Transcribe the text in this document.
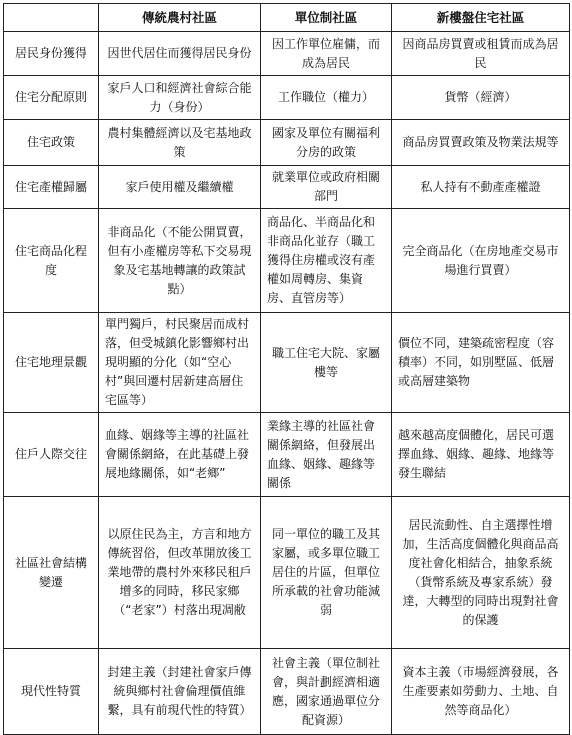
	傳統農村社區	單位制社區	新樓盤住宅社區
居民身份獲得	因世代居住而獲得居民身份	因工作單位雇傭，而成為居民	因商品房買賣或租賃而成為居民
住宅分配原則	家戶人口和經濟社會綜合能力（身份）	工作職位（權力）	貨幣（經濟）
住宅政策	農村集體經濟以及宅基地政策	國家及單位有關福利分房的政策	商品房買賣政策及物業法規等
住宅產權歸屬	家戶使用權及繼續權	就業單位或政府相關部門	私人持有不動產產權證
住宅商品化程度	非商品化（不能公開買賣，但有小產權房等私下交易現象及宅基地轉讓的政策試點）	商品化、半商品化和非商品化並存（職工獲得住房權或沒有產權如周轉房、集資房、直管房等）	完全商品化（在房地產交易市場進行買賣）
住宅地理景觀	單門獨戶，村民聚居而成村落，但受城鎮化影響鄉村出現明顯的分化（如“空心村”與回遷村居新建高層住宅區等）	職工住宅大院、家屬樓等	價位不同，建築疏密程度（容積率）不同，如別墅區、低層或高層建築物
住戶人際交往	血緣、姻緣等主導的社區社會關係網絡，在此基礎上發展地緣關係，如“老鄉”	業緣主導的社區社會關係網絡，但發展出血緣、姻緣、趣緣等關係	越來越高度個體化，居民可選擇血緣、姻緣、趣緣、地緣等發生聯結
社區社會結構變遷	以原住民為主，方言和地方傳統習俗，但改革開放後工業地帶的農村外來移民租戶增多的同時，移民家鄉（“老家”）村落出現凋敝	同一單位的職工及其家屬，或多單位職工居住的片區，但單位所承載的社會功能減弱	居民流動性、自主選擇性增加，生活高度個體化與商品高度社會化相結合，抽象系統（貨幣系統及專家系統）發達，大轉型的同時出現對社會的保護
現代性特質	封建主義（封建社會家戶傳統與鄉村社會倫理價值維繫，具有前現代性的特質）	社會主義（單位制社會，與計劃經濟相適應，國家通過單位分配資源）	資本主義（市場經濟發展，各生產要素如勞動力、土地、自然等商品化）
